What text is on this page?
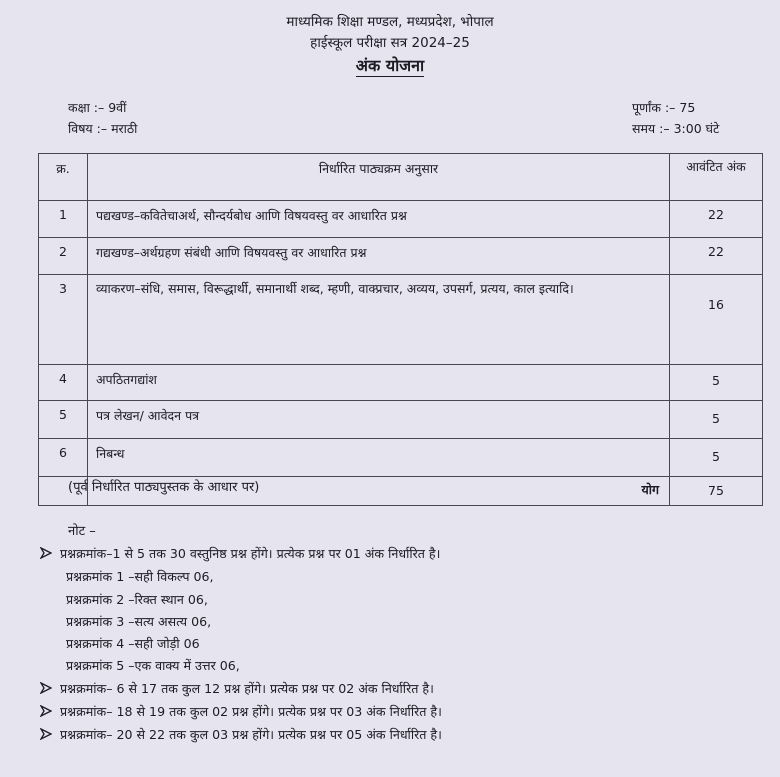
माध्यमिक शिक्षा मण्डल, मध्यप्रदेश, भोपाल
हाईस्कूल परीक्षा सत्र 2024–25
अंक योजना
कक्षा :– 9वीं
विषय :– मराठी
पूर्णांक :– 75
समय :– 3:00 घंटे
क्र.	निर्धारित पाठ्यक्रम अनुसार	आवंटित अंक
1	पद्यखण्ड–कवितेचाअर्थ, सौन्दर्यबोध आणि विषयवस्तु वर आधारित प्रश्न	22
2	गद्यखण्ड–अर्थग्रहण संबंधी आणि विषयवस्तु वर आधारित प्रश्न	22
3	व्याकरण–संधि, समास, विरूद्धार्थी, समानार्थी शब्द, म्हणी, वाक्प्रचार, अव्यय, उपसर्ग, प्रत्यय, काल इत्यादि।	16
4	अपठितगद्यांश	5
5	पत्र लेखन/ आवेदन पत्र	5
6	निबन्ध	5
	योग	75
(पूर्व निर्धारित पाठ्यपुस्तक के आधार पर)
नोट –
प्रश्नक्रमांक–1 से 5 तक 30 वस्तुनिष्ठ प्रश्न होंगे। प्रत्येक प्रश्न पर 01 अंक निर्धारित है।
प्रश्नक्रमांक 1 –सही विकल्प 06,
प्रश्नक्रमांक 2 –रिक्त स्थान 06,
प्रश्नक्रमांक 3 –सत्य असत्य 06,
प्रश्नक्रमांक 4 –सही जोड़ी 06
प्रश्नक्रमांक 5 –एक वाक्य में उत्तर 06,
प्रश्नक्रमांक– 6 से 17 तक कुल 12 प्रश्न होंगे। प्रत्येक प्रश्न पर 02 अंक निर्धारित है।
प्रश्नक्रमांक– 18 से 19 तक कुल 02 प्रश्न होंगे। प्रत्येक प्रश्न पर 03 अंक निर्धारित है।
प्रश्नक्रमांक– 20 से 22 तक कुल 03 प्रश्न होंगे। प्रत्येक प्रश्न पर 05 अंक निर्धारित है।
